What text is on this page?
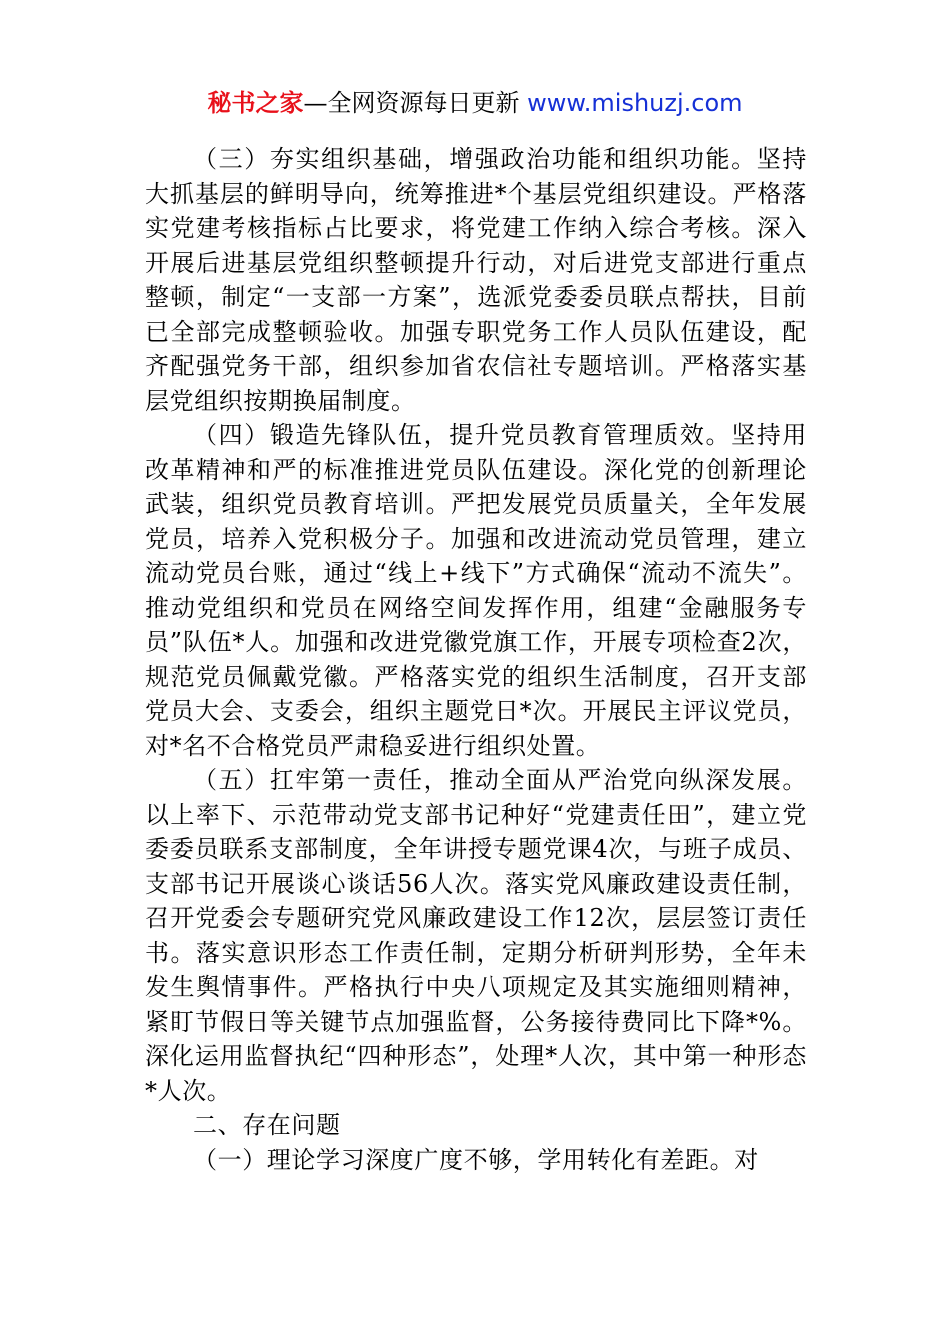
秘书之家—全网资源每日更新 www.mishuzj.com

（三）夯实组织基础，增强政治功能和组织功能。坚持大抓基层的鲜明导向，统筹推进*个基层党组织建设。严格落实党建考核指标占比要求，将党建工作纳入综合考核。深入开展后进基层党组织整顿提升行动，对后进党支部进行重点整顿，制定“一支部一方案”，选派党委委员联点帮扶，目前已全部完成整顿验收。加强专职党务工作人员队伍建设，配齐配强党务干部，组织参加省农信社专题培训。严格落实基层党组织按期换届制度。

（四）锻造先锋队伍，提升党员教育管理质效。坚持用改革精神和严的标准推进党员队伍建设。深化党的创新理论武装，组织党员教育培训。严把发展党员质量关，全年发展党员，培养入党积极分子。加强和改进流动党员管理，建立流动党员台账，通过“线上+线下”方式确保“流动不流失”。推动党组织和党员在网络空间发挥作用，组建“金融服务专员”队伍*人。加强和改进党徽党旗工作，开展专项检查2次，规范党员佩戴党徽。严格落实党的组织生活制度，召开支部党员大会、支委会，组织主题党日*次。开展民主评议党员，对*名不合格党员严肃稳妥进行组织处置。

（五）扛牢第一责任，推动全面从严治党向纵深发展。以上率下、示范带动党支部书记种好“党建责任田”，建立党委委员联系支部制度，全年讲授专题党课4次，与班子成员、支部书记开展谈心谈话56人次。落实党风廉政建设责任制，召开党委会专题研究党风廉政建设工作12次，层层签订责任书。落实意识形态工作责任制，定期分析研判形势，全年未发生舆情事件。严格执行中央八项规定及其实施细则精神，紧盯节假日等关键节点加强监督，公务接待费同比下降*%。深化运用监督执纪“四种形态”，处理*人次，其中第一种形态*人次。

二、存在问题

（一）理论学习深度广度不够，学用转化有差距。对
